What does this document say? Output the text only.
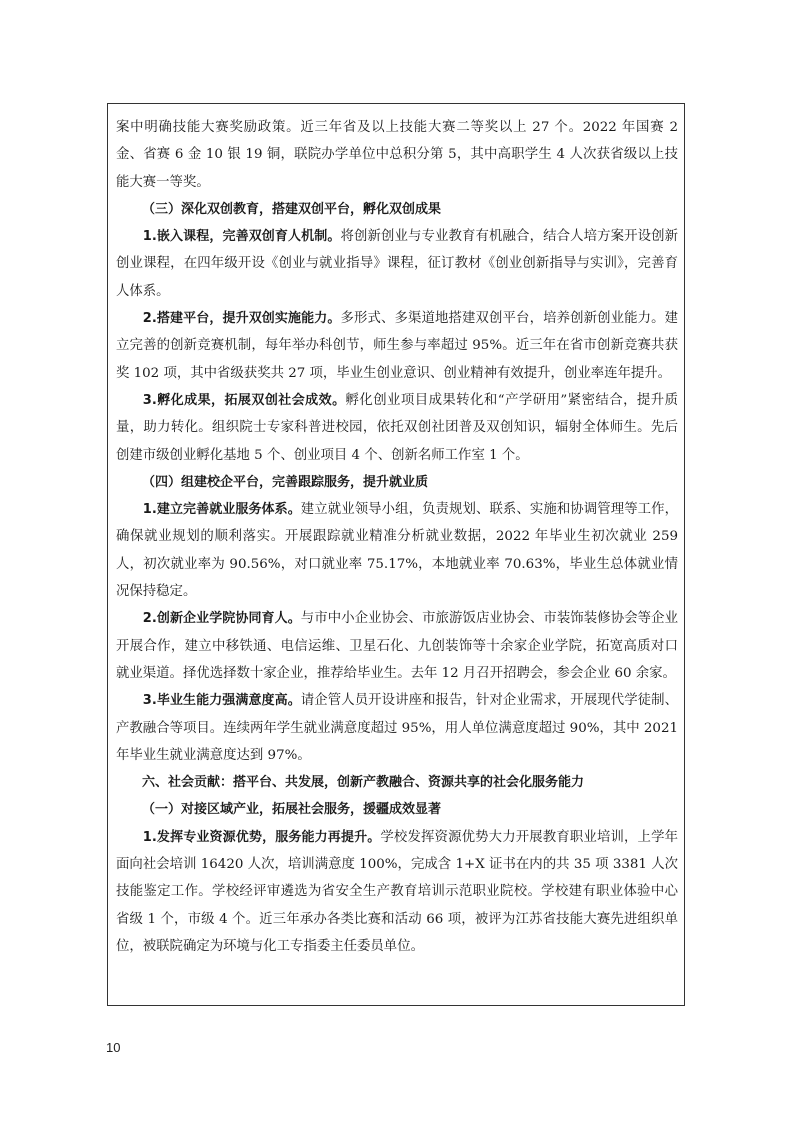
案中明确技能大赛奖励政策。近三年省及以上技能大赛二等奖以上 27 个。2022 年国赛 2 金、省赛 6 金 10 银 19 铜，联院办学单位中总积分第 5，其中高职学生 4 人次获省级以上技能大赛一等奖。

（三）深化双创教育，搭建双创平台，孵化双创成果

1.嵌入课程，完善双创育人机制。将创新创业与专业教育有机融合，结合人培方案开设创新创业课程，在四年级开设《创业与就业指导》课程，征订教材《创业创新指导与实训》，完善育人体系。

2.搭建平台，提升双创实施能力。多形式、多渠道地搭建双创平台，培养创新创业能力。建立完善的创新竞赛机制，每年举办科创节，师生参与率超过 95%。近三年在省市创新竞赛共获奖 102 项，其中省级获奖共 27 项，毕业生创业意识、创业精神有效提升，创业率连年提升。

3.孵化成果，拓展双创社会成效。孵化创业项目成果转化和“产学研用”紧密结合，提升质量，助力转化。组织院士专家科普进校园，依托双创社团普及双创知识，辐射全体师生。先后创建市级创业孵化基地 5 个、创业项目 4 个、创新名师工作室 1 个。

（四）组建校企平台，完善跟踪服务，提升就业质

1.建立完善就业服务体系。建立就业领导小组，负责规划、联系、实施和协调管理等工作，确保就业规划的顺利落实。开展跟踪就业精准分析就业数据，2022 年毕业生初次就业 259 人，初次就业率为 90.56%，对口就业率 75.17%，本地就业率 70.63%，毕业生总体就业情况保持稳定。

2.创新企业学院协同育人。与市中小企业协会、市旅游饭店业协会、市装饰装修协会等企业开展合作，建立中移铁通、电信运维、卫星石化、九创装饰等十余家企业学院，拓宽高质对口就业渠道。择优选择数十家企业，推荐给毕业生。去年 12 月召开招聘会，参会企业 60 余家。

3.毕业生能力强满意度高。请企管人员开设讲座和报告，针对企业需求，开展现代学徒制、产教融合等项目。连续两年学生就业满意度超过 95%，用人单位满意度超过 90%，其中 2021 年毕业生就业满意度达到 97%。

六、社会贡献：搭平台、共发展，创新产教融合、资源共享的社会化服务能力

（一）对接区域产业，拓展社会服务，援疆成效显著

1.发挥专业资源优势，服务能力再提升。学校发挥资源优势大力开展教育职业培训，上学年面向社会培训 16420 人次，培训满意度 100%，完成含 1+X 证书在内的共 35 项 3381 人次技能鉴定工作。学校经评审遴选为省安全生产教育培训示范职业院校。学校建有职业体验中心省级 1 个，市级 4 个。近三年承办各类比赛和活动 66 项，被评为江苏省技能大赛先进组织单位，被联院确定为环境与化工专指委主任委员单位。

10
